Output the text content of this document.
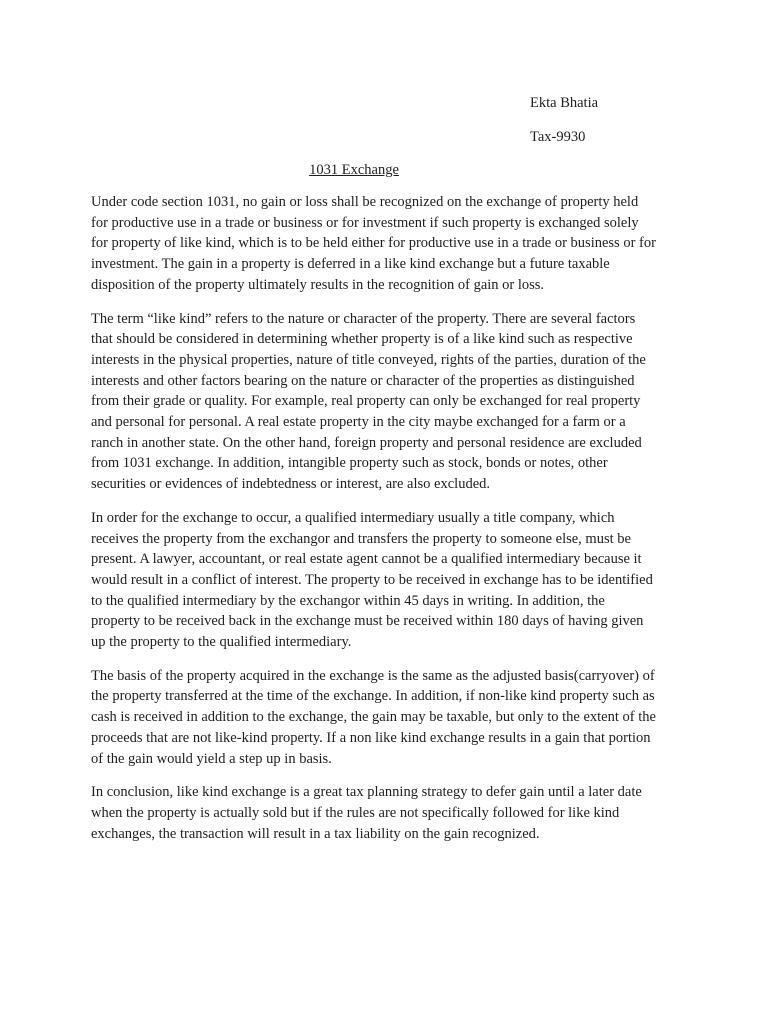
Ekta Bhatia
Tax-9930
1031 Exchange

Under code section 1031, no gain or loss shall be recognized on the exchange of property held
for productive use in a trade or business or for investment if such property is exchanged solely
for property of like kind, which is to be held either for productive use in a trade or business or for
investment. The gain in a property is deferred in a like kind exchange but a future taxable
disposition of the property ultimately results in the recognition of gain or loss.

The term “like kind” refers to the nature or character of the property. There are several factors
that should be considered in determining whether property is of a like kind such as respective
interests in the physical properties, nature of title conveyed, rights of the parties, duration of the
interests and other factors bearing on the nature or character of the properties as distinguished
from their grade or quality. For example, real property can only be exchanged for real property
and personal for personal. A real estate property in the city maybe exchanged for a farm or a
ranch in another state. On the other hand, foreign property and personal residence are excluded
from 1031 exchange. In addition, intangible property such as stock, bonds or notes, other
securities or evidences of indebtedness or interest, are also excluded.

In order for the exchange to occur, a qualified intermediary usually a title company, which
receives the property from the exchangor and transfers the property to someone else, must be
present. A lawyer, accountant, or real estate agent cannot be a qualified intermediary because it
would result in a conflict of interest. The property to be received in exchange has to be identified
to the qualified intermediary by the exchangor within 45 days in writing. In addition, the
property to be received back in the exchange must be received within 180 days of having given
up the property to the qualified intermediary.

The basis of the property acquired in the exchange is the same as the adjusted basis(carryover) of
the property transferred at the time of the exchange. In addition, if non-like kind property such as
cash is received in addition to the exchange, the gain may be taxable, but only to the extent of the
proceeds that are not like-kind property. If a non like kind exchange results in a gain that portion
of the gain would yield a step up in basis.

In conclusion, like kind exchange is a great tax planning strategy to defer gain until a later date
when the property is actually sold but if the rules are not specifically followed for like kind
exchanges, the transaction will result in a tax liability on the gain recognized.
